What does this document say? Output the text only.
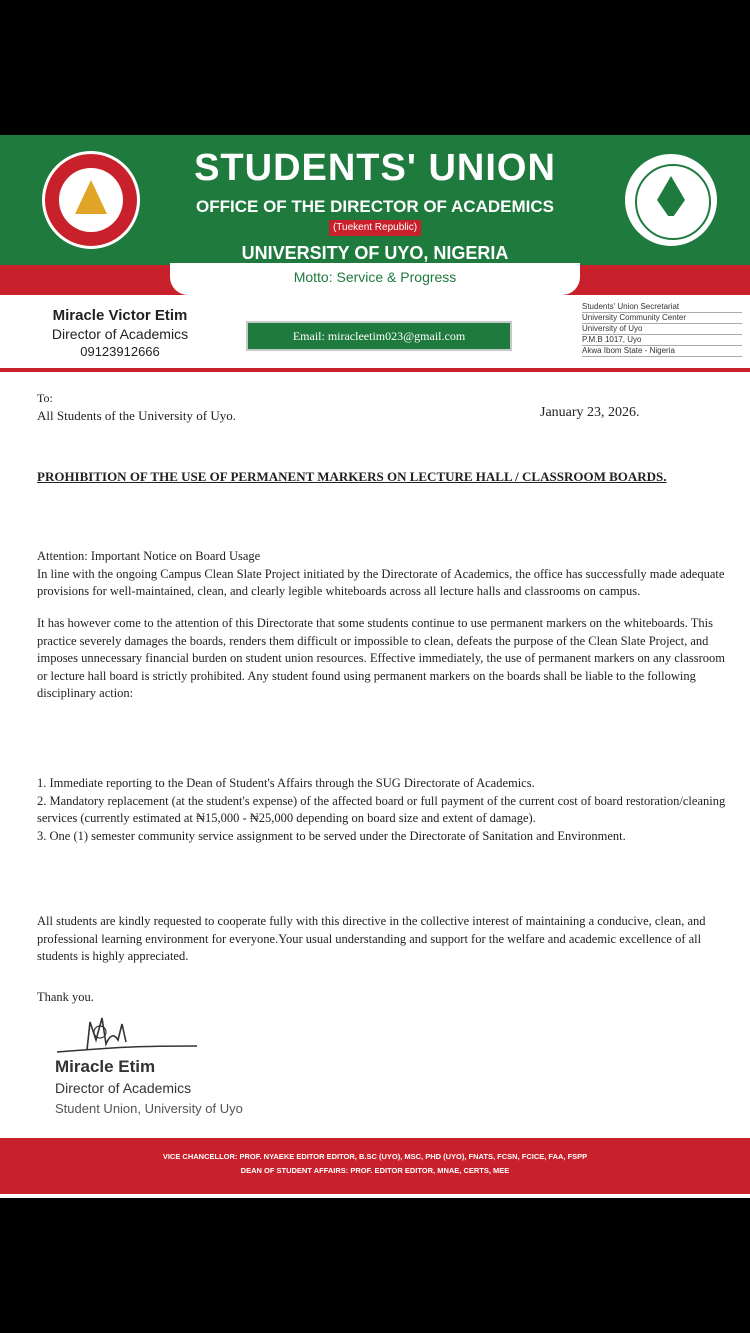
STUDENTS' UNION
OFFICE OF THE DIRECTOR OF ACADEMICS
(Tuekent Republic)
UNIVERSITY OF UYO, NIGERIA
Motto: Service & Progress
Miracle Victor Etim
Director of Academics
09123912666
Email: miracleetim023@gmail.com
Students' Union Secretariat
University Community Center
University of Uyo
P.M.B 1017, Uyo
Akwa Ibom State - Nigeria
To:
All Students of the University of Uyo.	January 23, 2026.
PROHIBITION OF THE USE OF PERMANENT MARKERS ON LECTURE HALL / CLASSROOM BOARDS.
Attention: Important Notice on Board Usage
In line with the ongoing Campus Clean Slate Project initiated by the Directorate of Academics, the office has successfully made adequate provisions for well-maintained, clean, and clearly legible whiteboards across all lecture halls and classrooms on campus.
It has however come to the attention of this Directorate that some students continue to use permanent markers on the whiteboards. This practice severely damages the boards, renders them difficult or impossible to clean, defeats the purpose of the Clean Slate Project, and imposes unnecessary financial burden on student union resources. Effective immediately, the use of permanent markers on any classroom or lecture hall board is strictly prohibited. Any student found using permanent markers on the boards shall be liable to the following disciplinary action:
1. Immediate reporting to the Dean of Student's Affairs through the SUG Directorate of Academics.
2. Mandatory replacement (at the student's expense) of the affected board or full payment of the current cost of board restoration/cleaning services (currently estimated at ₦15,000 - ₦25,000 depending on board size and extent of damage).
3. One (1) semester community service assignment to be served under the Directorate of Sanitation and Environment.
All students are kindly requested to cooperate fully with this directive in the collective interest of maintaining a conducive, clean, and professional learning environment for everyone.Your usual understanding and support for the welfare and academic excellence of all students is highly appreciated.
Thank you.
Miracle Etim
Director of Academics
Student Union, University of Uyo
VICE CHANCELLOR: PROF. NYAEKE EDITOR EDITOR, B.SC (UYO), MSC, PHD (UYO), FNATS, FCSN, FCICE, FAA, FSPP
DEAN OF STUDENT AFFAIRS: PROF. EDITOR EDITOR, MNAE, CERTS, MEE
